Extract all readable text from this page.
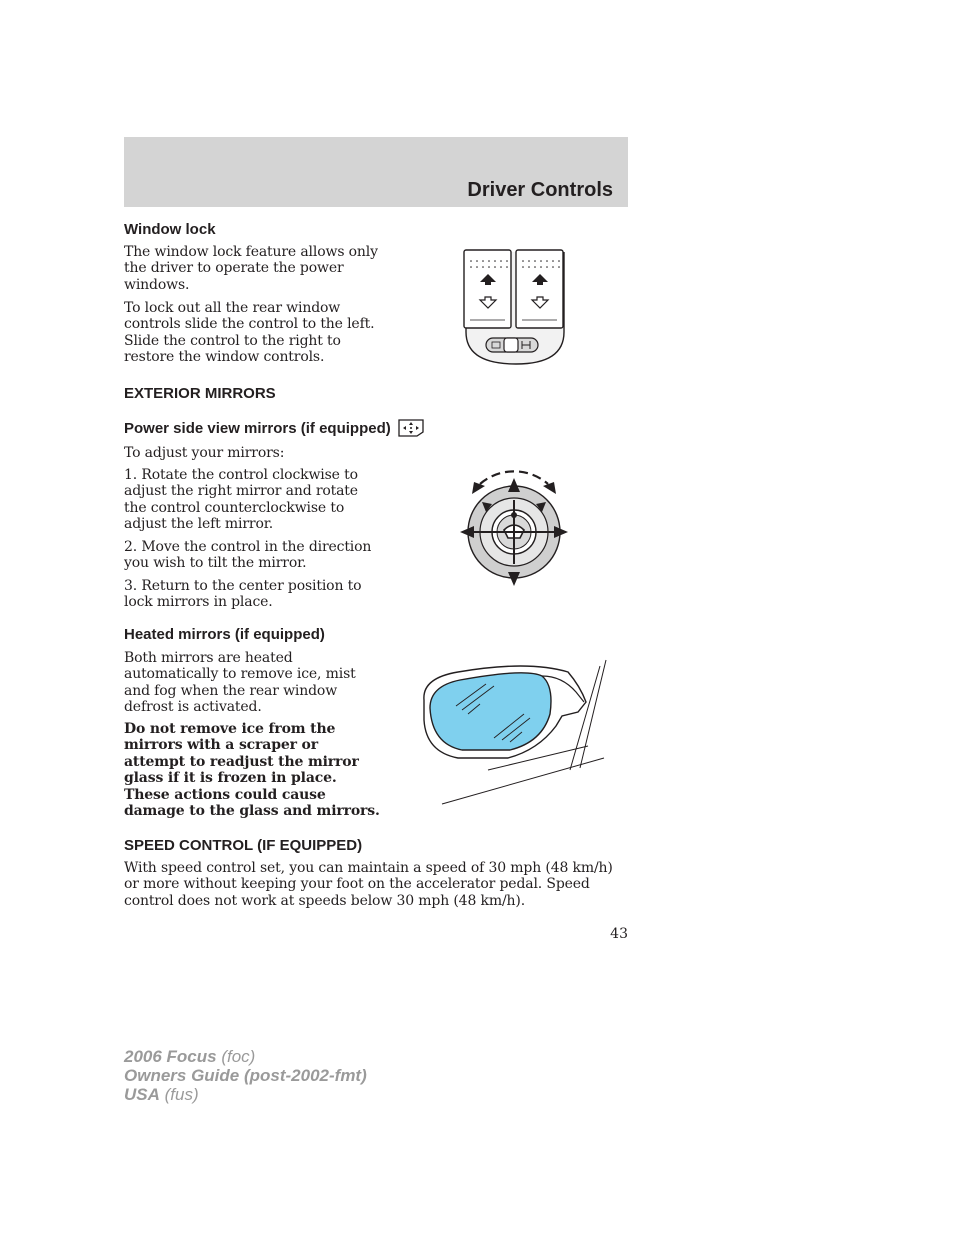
Driver Controls
Window lock

The window lock feature allows only
the driver to operate the power
windows.

To lock out all the rear window
controls slide the control to the left.
Slide the control to the right to
restore the window controls.

EXTERIOR MIRRORS
Power side view mirrors (if equipped)

To adjust your mirrors:

1. Rotate the control clockwise to
adjust the right mirror and rotate
the control counterclockwise to
adjust the left mirror.

2. Move the control in the direction
you wish to tilt the mirror.

3. Return to the center position to
lock mirrors in place.

Heated mirrors (if equipped)

Both mirrors are heated
automatically to remove ice, mist
and fog when the rear window
defrost is activated.

Do not remove ice from the
mirrors with a scraper or
attempt to readjust the mirror
glass if it is frozen in place.
These actions could cause
damage to the glass and mirrors.

SPEED CONTROL (IF EQUIPPED)

With speed control set, you can maintain a speed of 30 mph (48 km/h)
or more without keeping your foot on the accelerator pedal. Speed
control does not work at speeds below 30 mph (48 km/h).

43
2006 Focus (foc)
Owners Guide (post-2002-fmt)
USA (fus)
